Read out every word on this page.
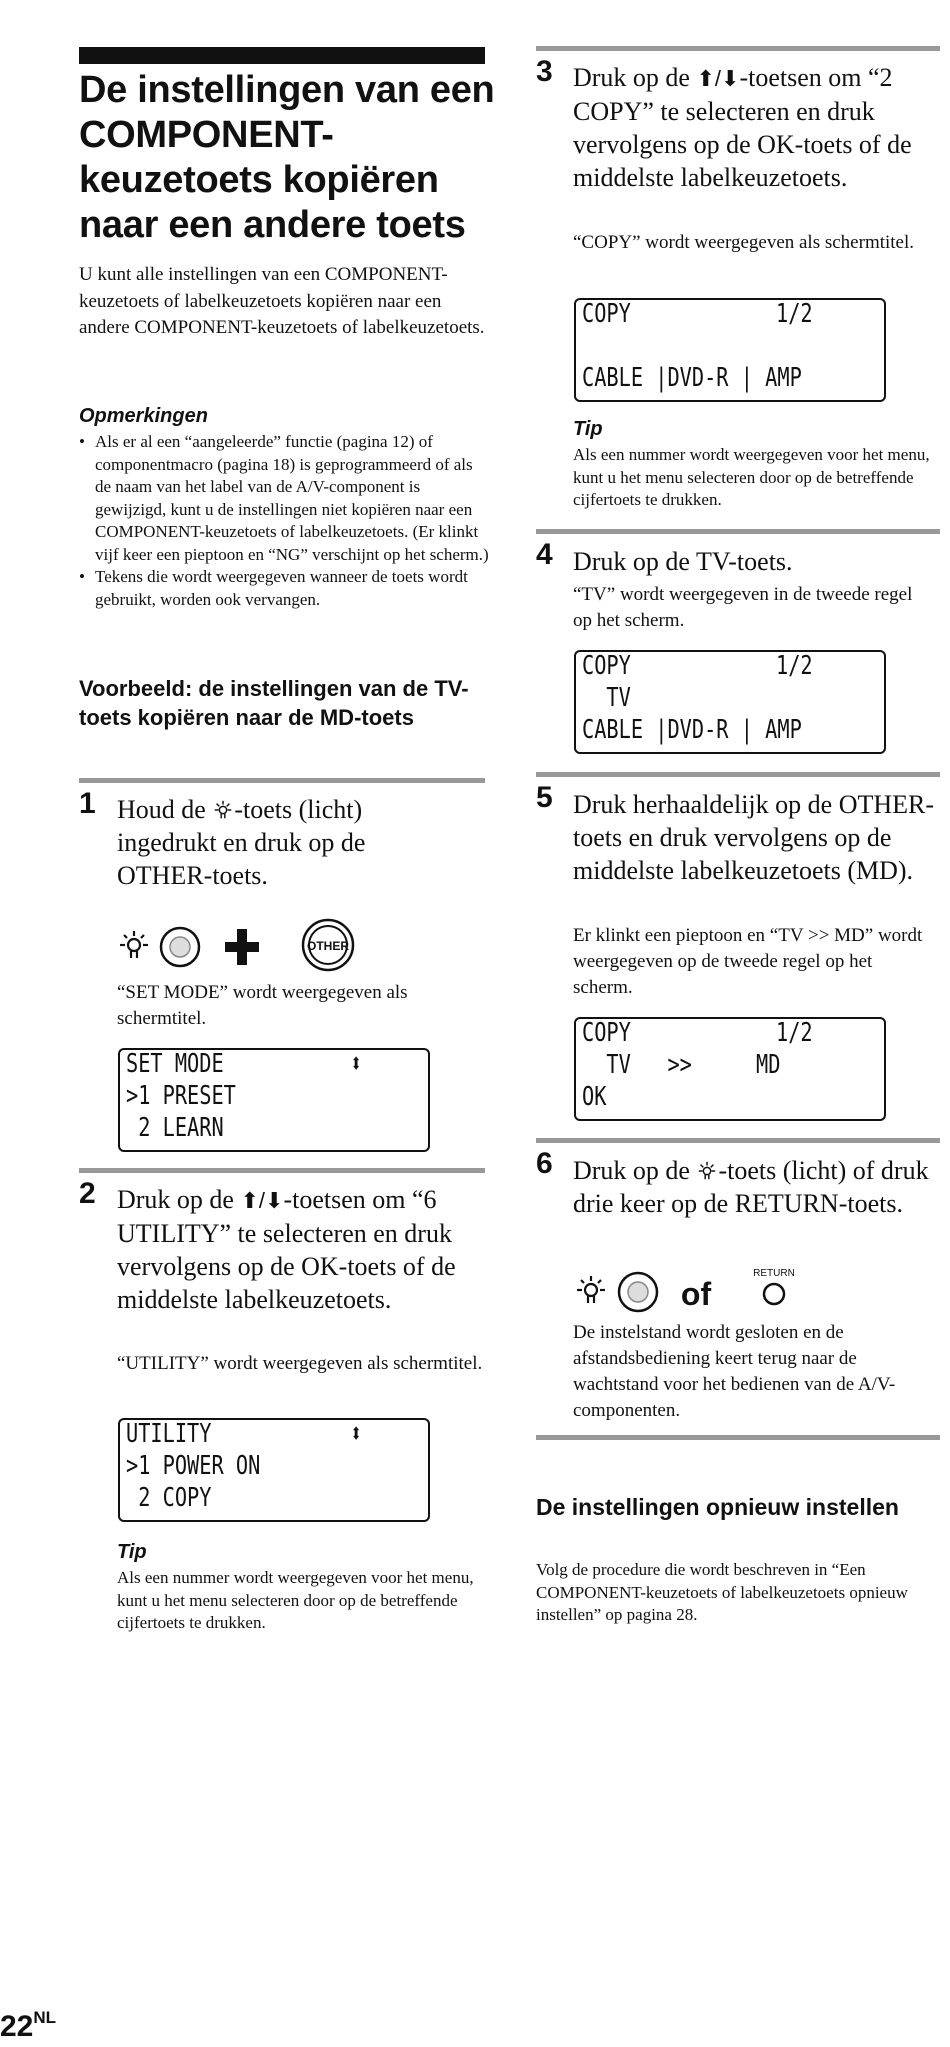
De instellingen van een COMPONENT-keuzetoets kopiëren naar een andere toets
U kunt alle instellingen van een COMPONENT-keuzetoets of labelkeuzetoets kopiëren naar een andere COMPONENT-keuzetoets of labelkeuzetoets.
Opmerkingen
• Als er al een “aangeleerde” functie (pagina 12) of componentmacro (pagina 18) is geprogrammeerd of als de naam van het label van de A/V-component is gewijzigd, kunt u de instellingen niet kopiëren naar een COMPONENT-keuzetoets of labelkeuzetoets. (Er klinkt vijf keer een pieptoon en “NG” verschijnt op het scherm.)
• Tekens die wordt weergegeven wanneer de toets wordt gebruikt, worden ook vervangen.
Voorbeeld: de instellingen van de TV-toets kopiëren naar de MD-toets
1 Houd de -toets (licht) ingedrukt en druk op de OTHER-toets.
OTHER
“SET MODE” wordt weergegeven als schermtitel.
SET MODE	⬍
>1 PRESET
2 LEARN
2 Druk op de ⬆/⬇-toetsen om “6 UTILITY” te selecteren en druk vervolgens op de OK-toets of de middelste labelkeuzetoets.
“UTILITY” wordt weergegeven als schermtitel.
UTILITY	⬍
>1 POWER ON
2 COPY
Tip
Als een nummer wordt weergegeven voor het menu, kunt u het menu selecteren door op de betreffende cijfertoets te drukken.
3 Druk op de ⬆/⬇-toetsen om “2 COPY” te selecteren en druk vervolgens op de OK-toets of de middelste labelkeuzetoets.
“COPY” wordt weergegeven als schermtitel.
COPY	1/2
CABLE |DVD-R | AMP
Tip
Als een nummer wordt weergegeven voor het menu, kunt u het menu selecteren door op de betreffende cijfertoets te drukken.
4 Druk op de TV-toets.
“TV” wordt weergegeven in de tweede regel op het scherm.
COPY	1/2
TV
CABLE |DVD-R | AMP
5 Druk herhaaldelijk op de OTHER-toets en druk vervolgens op de middelste labelkeuzetoets (MD).
Er klinkt een pieptoon en “TV >> MD” wordt weergegeven op de tweede regel op het scherm.
COPY	1/2
TV   >> MD
OK
6 Druk op de -toets (licht) of druk drie keer op de RETURN-toets.
of
RETURN
De instelstand wordt gesloten en de afstandsbediening keert terug naar de wachtstand voor het bedienen van de A/V-componenten.
De instellingen opnieuw instellen
Volg de procedure die wordt beschreven in “Een COMPONENT-keuzetoets of labelkeuzetoets opnieuw instellen” op pagina 28.
$22^{NL}$
